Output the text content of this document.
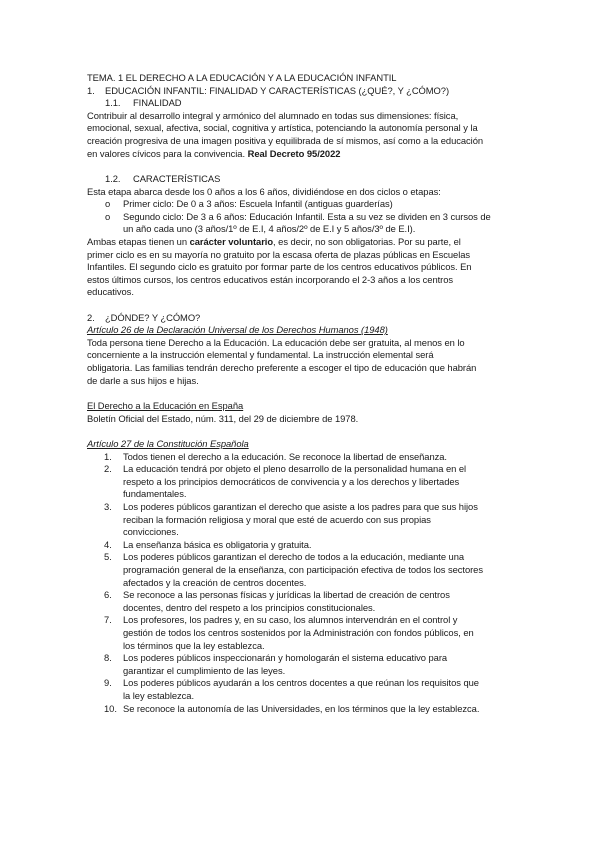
TEMA. 1 EL DERECHO A LA EDUCACIÓN Y A LA EDUCACIÓN INFANTIL
1. EDUCACIÓN INFANTIL: FINALIDAD Y CARACTERÍSTICAS (¿QUÉ?, Y ¿CÓMO?)
1.1. FINALIDAD
Contribuir al desarrollo integral y armónico del alumnado en todas sus dimensiones: física,
emocional, sexual, afectiva, social, cognitiva y artística, potenciando la autonomía personal y la
creación progresiva de una imagen positiva y equilibrada de sí mismos, así como a la educación
en valores cívicos para la convivencia. Real Decreto 95/2022
1.2. CARACTERÍSTICAS
Esta etapa abarca desde los 0 años a los 6 años, dividiéndose en dos ciclos o etapas:
o Primer ciclo: De 0 a 3 años: Escuela Infantil (antiguas guarderías)
o Segundo ciclo: De 3 a 6 años: Educación Infantil. Esta a su vez se dividen en 3 cursos de
un año cada uno (3 años/1º de E.I, 4 años/2º de E.I y 5 años/3º de E.I).
Ambas etapas tienen un carácter voluntario, es decir, no son obligatorias. Por su parte, el
primer ciclo es en su mayoría no gratuito por la escasa oferta de plazas públicas en Escuelas
Infantiles. El segundo ciclo es gratuito por formar parte de los centros educativos públicos. En
estos últimos cursos, los centros educativos están incorporando el 2-3 años a los centros
educativos.
2. ¿DÓNDE? Y ¿CÓMO?
Artículo 26 de la Declaración Universal de los Derechos Humanos (1948)
Toda persona tiene Derecho a la Educación. La educación debe ser gratuita, al menos en lo
concerniente a la instrucción elemental y fundamental. La instrucción elemental será
obligatoria. Las familias tendrán derecho preferente a escoger el tipo de educación que habrán
de darle a sus hijos e hijas.
El Derecho a la Educación en España
Boletín Oficial del Estado, núm. 311, del 29 de diciembre de 1978.
Artículo 27 de la Constitución Española
1. Todos tienen el derecho a la educación. Se reconoce la libertad de enseñanza.
2. La educación tendrá por objeto el pleno desarrollo de la personalidad humana en el
respeto a los principios democráticos de convivencia y a los derechos y libertades
fundamentales.
3. Los poderes públicos garantizan el derecho que asiste a los padres para que sus hijos
reciban la formación religiosa y moral que esté de acuerdo con sus propias
convicciones.
4. La enseñanza básica es obligatoria y gratuita.
5. Los poderes públicos garantizan el derecho de todos a la educación, mediante una
programación general de la enseñanza, con participación efectiva de todos los sectores
afectados y la creación de centros docentes.
6. Se reconoce a las personas físicas y jurídicas la libertad de creación de centros
docentes, dentro del respeto a los principios constitucionales.
7. Los profesores, los padres y, en su caso, los alumnos intervendrán en el control y
gestión de todos los centros sostenidos por la Administración con fondos públicos, en
los términos que la ley establezca.
8. Los poderes públicos inspeccionarán y homologarán el sistema educativo para
garantizar el cumplimiento de las leyes.
9. Los poderes públicos ayudarán a los centros docentes a que reúnan los requisitos que
la ley establezca.
10. Se reconoce la autonomía de las Universidades, en los términos que la ley establezca.
